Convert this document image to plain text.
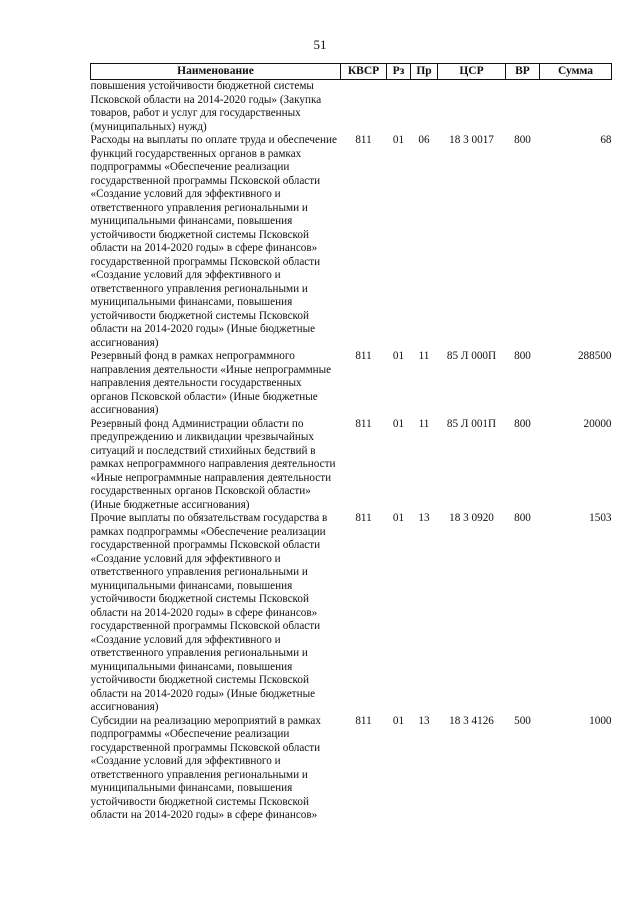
51
Наименование	КВСР	Рз	Пр	ЦСР	ВР	Сумма
повышения устойчивости бюджетной системы Псковской области на 2014-2020 годы» (Закупка товаров, работ и услуг для государственных (муниципальных) нужд)						
Расходы на выплаты по оплате труда и обеспечение функций государственных органов в рамках подпрограммы «Обеспечение реализации государственной программы Псковской области «Создание условий для эффективного и ответственного управления региональными и муниципальными финансами, повышения устойчивости бюджетной системы Псковской области на 2014-2020 годы» в сфере финансов» государственной программы Псковской области «Создание условий для эффективного и ответственного управления региональными и муниципальными финансами, повышения устойчивости бюджетной системы Псковской области на 2014-2020 годы» (Иные бюджетные ассигнования)	811	01	06	18 3 0017	800	68
Резервный фонд в рамках непрограммного направления деятельности «Иные непрограммные направления деятельности государственных органов Псковской области» (Иные бюджетные ассигнования)	811	01	11	85 Л 000П	800	288500
Резервный фонд Администрации области по предупреждению и ликвидации чрезвычайных ситуаций и последствий стихийных бедствий в рамках непрограммного направления деятельности «Иные непрограммные направления деятельности государственных органов Псковской области» (Иные бюджетные ассигнования)	811	01	11	85 Л 001П	800	20000
Прочие выплаты по обязательствам государства в рамках подпрограммы «Обеспечение реализации государственной программы Псковской области «Создание условий для эффективного и ответственного управления региональными и муниципальными финансами, повышения устойчивости бюджетной системы Псковской области на 2014-2020 годы» в сфере финансов» государственной программы Псковской области «Создание условий для эффективного и ответственного управления региональными и муниципальными финансами, повышения устойчивости бюджетной системы Псковской области на 2014-2020 годы» (Иные бюджетные ассигнования)	811	01	13	18 3 0920	800	1503
Субсидии на реализацию мероприятий в рамках подпрограммы «Обеспечение реализации государственной программы Псковской области «Создание условий для эффективного и ответственного управления региональными и муниципальными финансами, повышения устойчивости бюджетной системы Псковской области на 2014-2020 годы» в сфере финансов»	811	01	13	18 3 4126	500	1000
